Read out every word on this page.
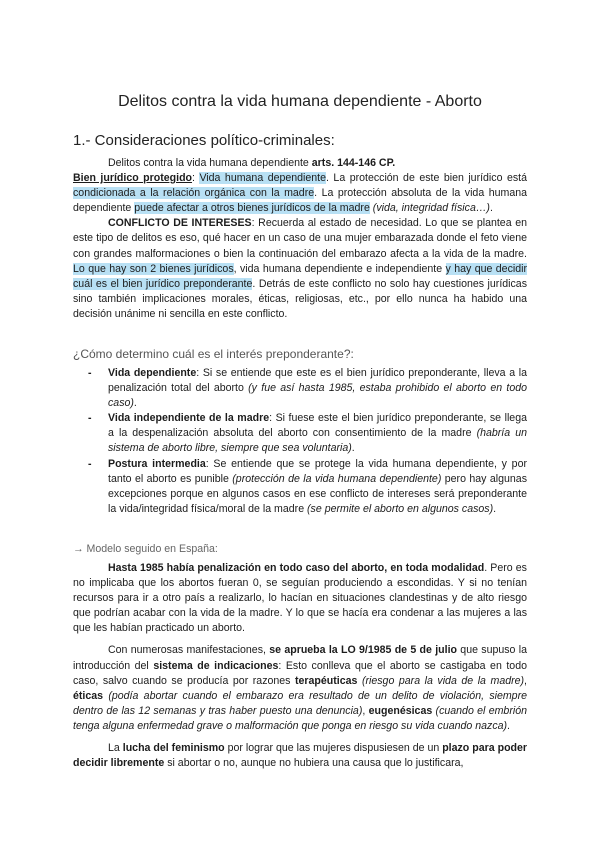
Delitos contra la vida humana dependiente - Aborto
1.- Consideraciones político-criminales:

Delitos contra la vida humana dependiente arts. 144-146 CP.

Bien jurídico protegido: Vida humana dependiente. La protección de este bien jurídico está condicionada a la relación orgánica con la madre. La protección absoluta de la vida humana dependiente puede afectar a otros bienes jurídicos de la madre (vida, integridad física…).

CONFLICTO DE INTERESES: Recuerda al estado de necesidad. Lo que se plantea en este tipo de delitos es eso, qué hacer en un caso de una mujer embarazada donde el feto viene con grandes malformaciones o bien la continuación del embarazo afecta a la vida de la madre. Lo que hay son 2 bienes jurídicos, vida humana dependiente e independiente y hay que decidir cuál es el bien jurídico preponderante. Detrás de este conflicto no solo hay cuestiones jurídicas sino también implicaciones morales, éticas, religiosas, etc., por ello nunca ha habido una decisión unánime ni sencilla en este conflicto.

¿Cómo determino cuál es el interés preponderante?:
- Vida dependiente: Si se entiende que este es el bien jurídico preponderante, lleva a la penalización total del aborto (y fue así hasta 1985, estaba prohibido el aborto en todo caso).
- Vida independiente de la madre: Si fuese este el bien jurídico preponderante, se llega a la despenalización absoluta del aborto con consentimiento de la madre (habría un sistema de aborto libre, siempre que sea voluntaria).
- Postura intermedia: Se entiende que se protege la vida humana dependiente, y por tanto el aborto es punible (protección de la vida humana dependiente) pero hay algunas excepciones porque en algunos casos en ese conflicto de intereses será preponderante la vida/integridad física/moral de la madre (se permite el aborto en algunos casos).
→ Modelo seguido en España:

Hasta 1985 había penalización en todo caso del aborto, en toda modalidad. Pero es no implicaba que los abortos fueran 0, se seguían produciendo a escondidas. Y si no tenían recursos para ir a otro país a realizarlo, lo hacían en situaciones clandestinas y de alto riesgo que podrían acabar con la vida de la madre. Y lo que se hacía era condenar a las mujeres a las que les habían practicado un aborto.

Con numerosas manifestaciones, se aprueba la LO 9/1985 de 5 de julio que supuso la introducción del sistema de indicaciones: Esto conlleva que el aborto se castigaba en todo caso, salvo cuando se producía por razones terapéuticas (riesgo para la vida de la madre), éticas (podía abortar cuando el embarazo era resultado de un delito de violación, siempre dentro de las 12 semanas y tras haber puesto una denuncia), eugenésicas (cuando el embrión tenga alguna enfermedad grave o malformación que ponga en riesgo su vida cuando nazca).

La lucha del feminismo por lograr que las mujeres dispusiesen de un plazo para poder decidir libremente si abortar o no, aunque no hubiera una causa que lo justificara,
